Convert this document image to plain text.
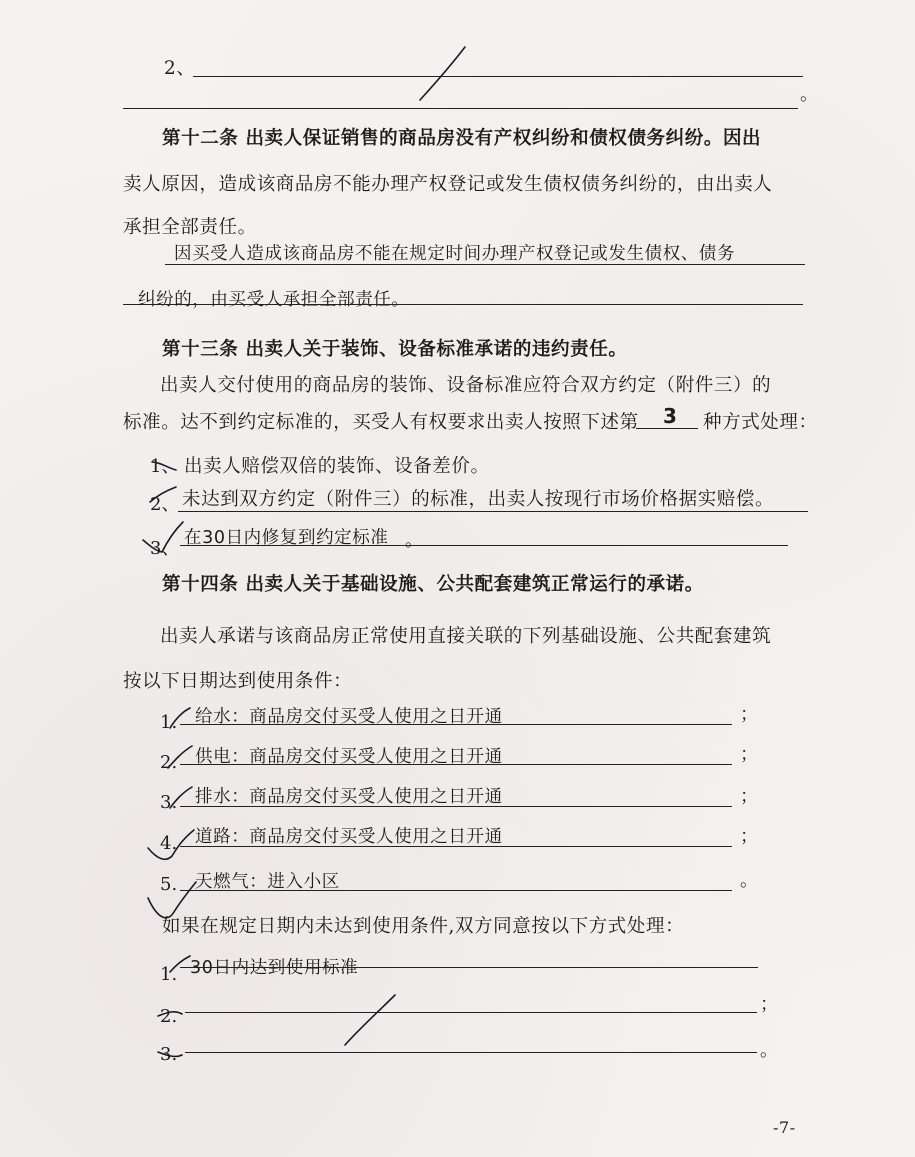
2、
。
第十二条 出卖人保证销售的商品房没有产权纠纷和债权债务纠纷。因出
卖人原因，造成该商品房不能办理产权登记或发生债权债务纠纷的，由出卖人
承担全部责任。
因买受人造成该商品房不能在规定时间办理产权登记或发生债权、债务
纠纷的，由买受人承担全部责任。
第十三条 出卖人关于装饰、设备标准承诺的违约责任。
出卖人交付使用的商品房的装饰、设备标准应符合双方约定（附件三）的
标准。达不到约定标准的，买受人有权要求出卖人按照下述第 3 种方式处理：
1、 出卖人赔偿双倍的装饰、设备差价。
2、 未达到双方约定（附件三）的标准，出卖人按现行市场价格据实赔偿。
3、 在30日内修复到约定标准 。
第十四条 出卖人关于基础设施、公共配套建筑正常运行的承诺。
出卖人承诺与该商品房正常使用直接关联的下列基础设施、公共配套建筑
按以下日期达到使用条件：
1. 给水：商品房交付买受人使用之日开通	；
2. 供电：商品房交付买受人使用之日开通	；
3. 排水：商品房交付买受人使用之日开通	；
4. 道路：商品房交付买受人使用之日开通	；
5. 天燃气：进入小区	。
如果在规定日期内未达到使用条件,双方同意按以下方式处理：
1. 30日内达到使用标准
2.
；
3.	。
-7-
